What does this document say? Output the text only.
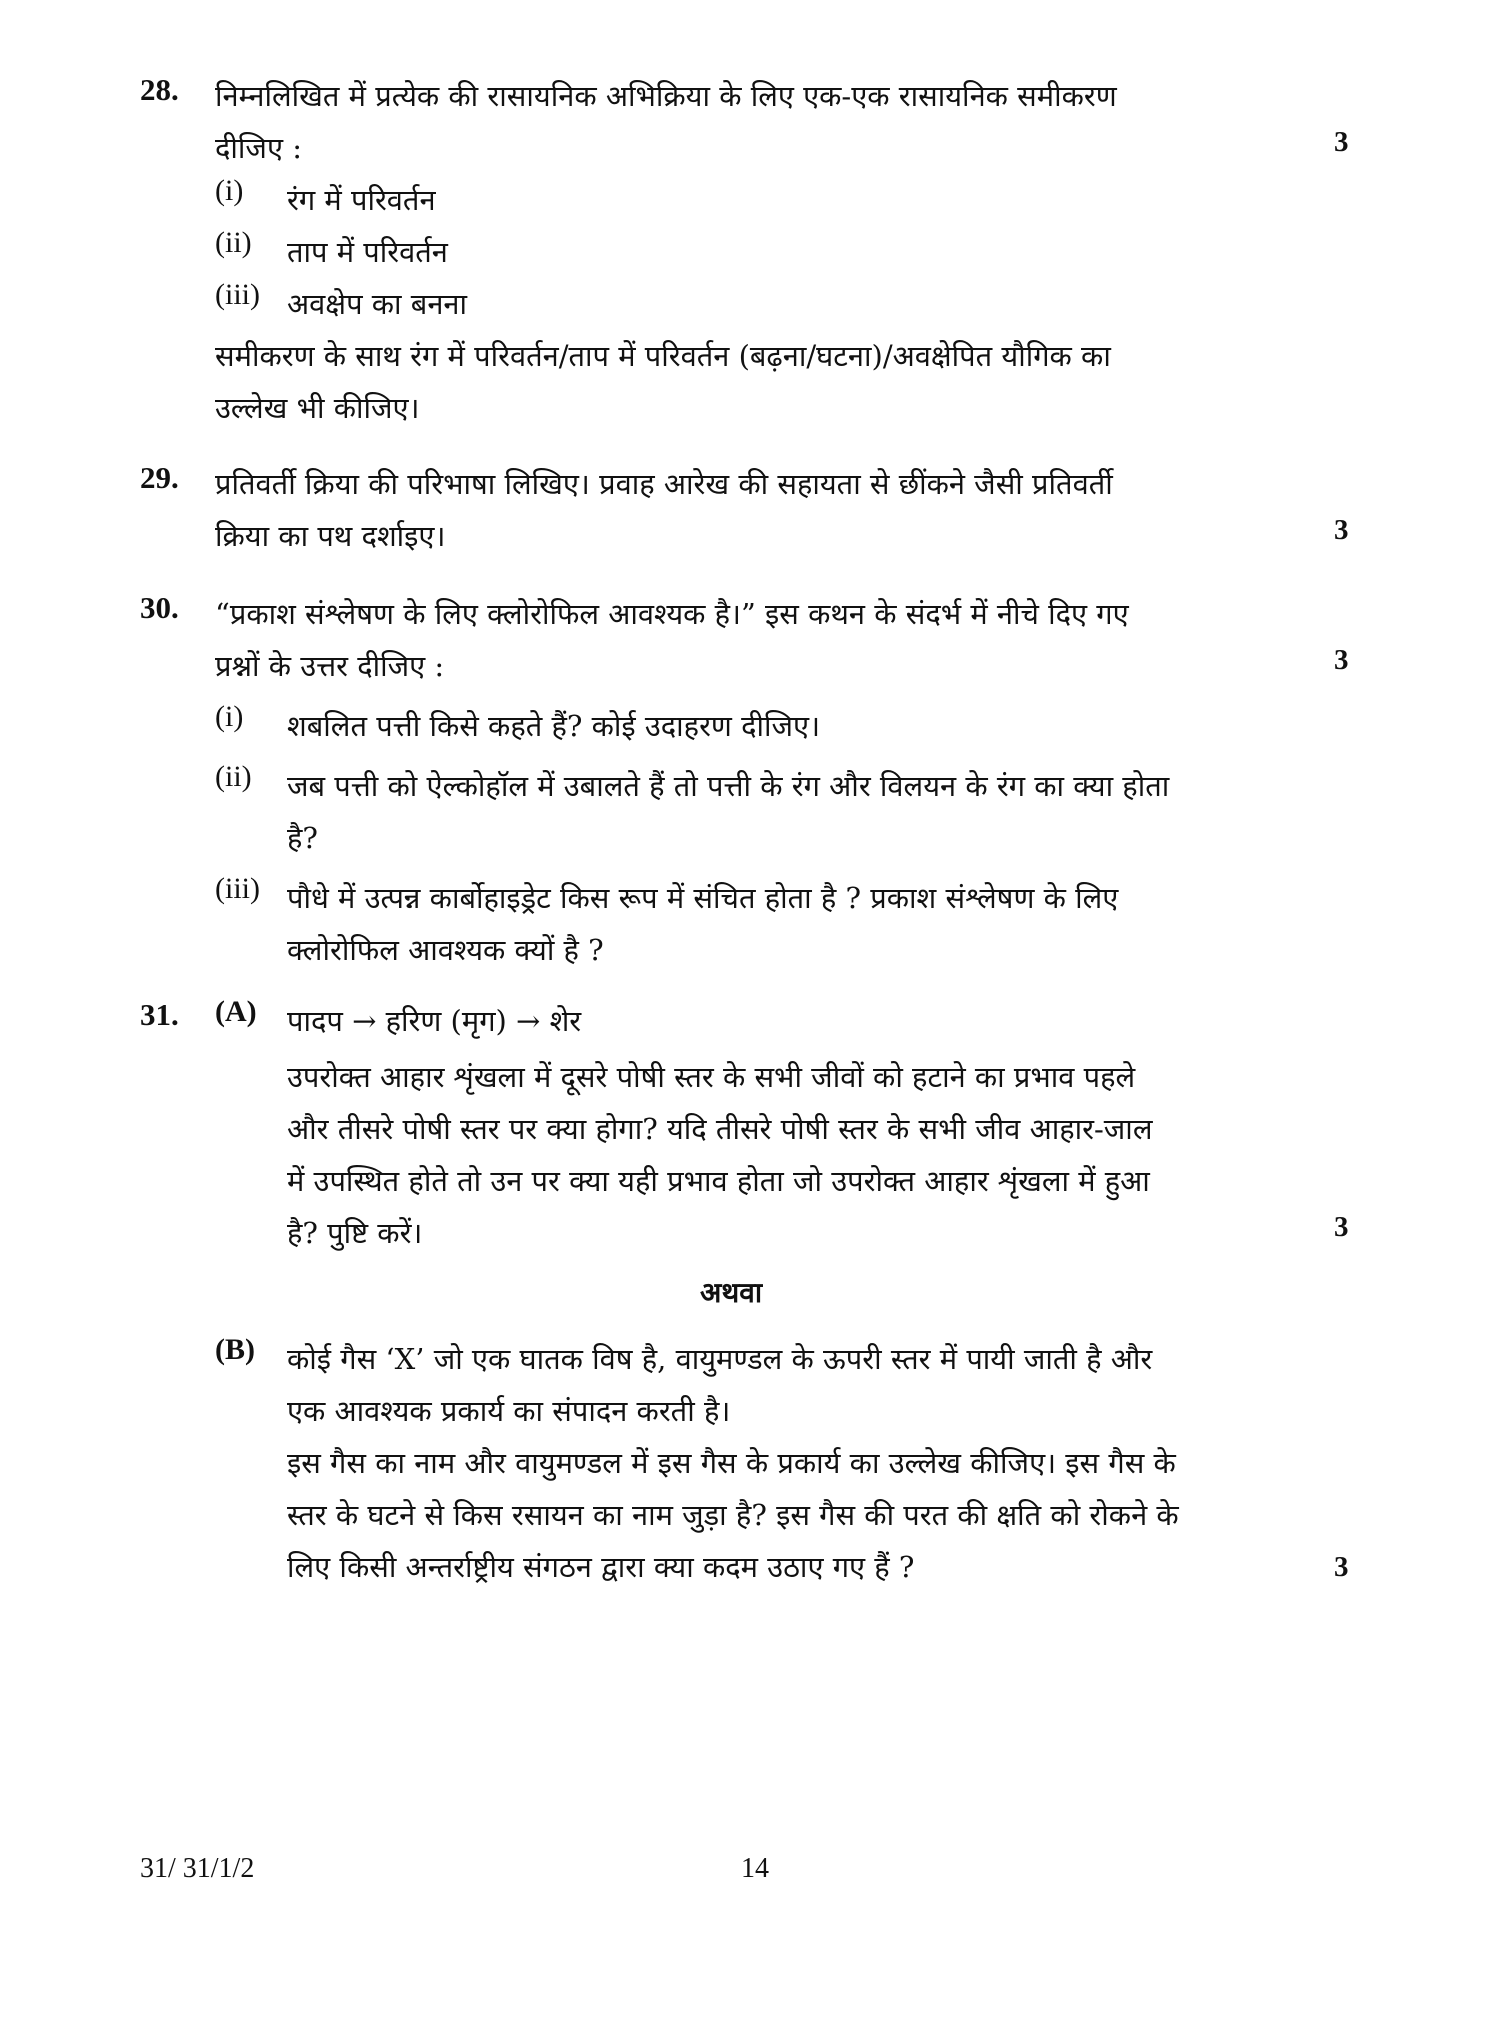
28. निम्नलिखित में प्रत्येक की रासायनिक अभिक्रिया के लिए एक-एक रासायनिक समीकरण
दीजिए :
(i) रंग में परिवर्तन
(ii) ताप में परिवर्तन
(iii) अवक्षेप का बनना
समीकरण के साथ रंग में परिवर्तन/ताप में परिवर्तन (बढ़ना/घटना)/अवक्षेपित यौगिक का
उल्लेख भी कीजिए।
3
29. प्रतिवर्ती क्रिया की परिभाषा लिखिए। प्रवाह आरेख की सहायता से छींकने जैसी प्रतिवर्ती
क्रिया का पथ दर्शाइए।	3
30. “प्रकाश संश्लेषण के लिए क्लोरोफिल आवश्यक है।” इस कथन के संदर्भ में नीचे दिए गए
प्रश्नों के उत्तर दीजिए :
(i) शबलित पत्ती किसे कहते हैं? कोई उदाहरण दीजिए।
(ii) जब पत्ती को ऐल्कोहॉल में उबालते हैं तो पत्ती के रंग और विलयन के रंग का क्या होता
है?
(iii) पौधे में उत्पन्न कार्बोहाइड्रेट किस रूप में संचित होता है ? प्रकाश संश्लेषण के लिए
क्लोरोफिल आवश्यक क्यों है ?
3
31. (A) पादप → हरिण (मृग) → शेर
उपरोक्त आहार शृंखला में दूसरे पोषी स्तर के सभी जीवों को हटाने का प्रभाव पहले
और तीसरे पोषी स्तर पर क्या होगा? यदि तीसरे पोषी स्तर के सभी जीव आहार-जाल
में उपस्थित होते तो उन पर क्या यही प्रभाव होता जो उपरोक्त आहार शृंखला में हुआ
है? पुष्टि करें।	3
अथवा
(B) कोई गैस ‘X’ जो एक घातक विष है, वायुमण्डल के ऊपरी स्तर में पायी जाती है और
एक आवश्यक प्रकार्य का संपादन करती है।
इस गैस का नाम और वायुमण्डल में इस गैस के प्रकार्य का उल्लेख कीजिए। इस गैस के
स्तर के घटने से किस रसायन का नाम जुड़ा है? इस गैस की परत की क्षति को रोकने के
लिए किसी अन्तर्राष्ट्रीय संगठन द्वारा क्या कदम उठाए गए हैं ?	3
31/ 31/1/2	14
